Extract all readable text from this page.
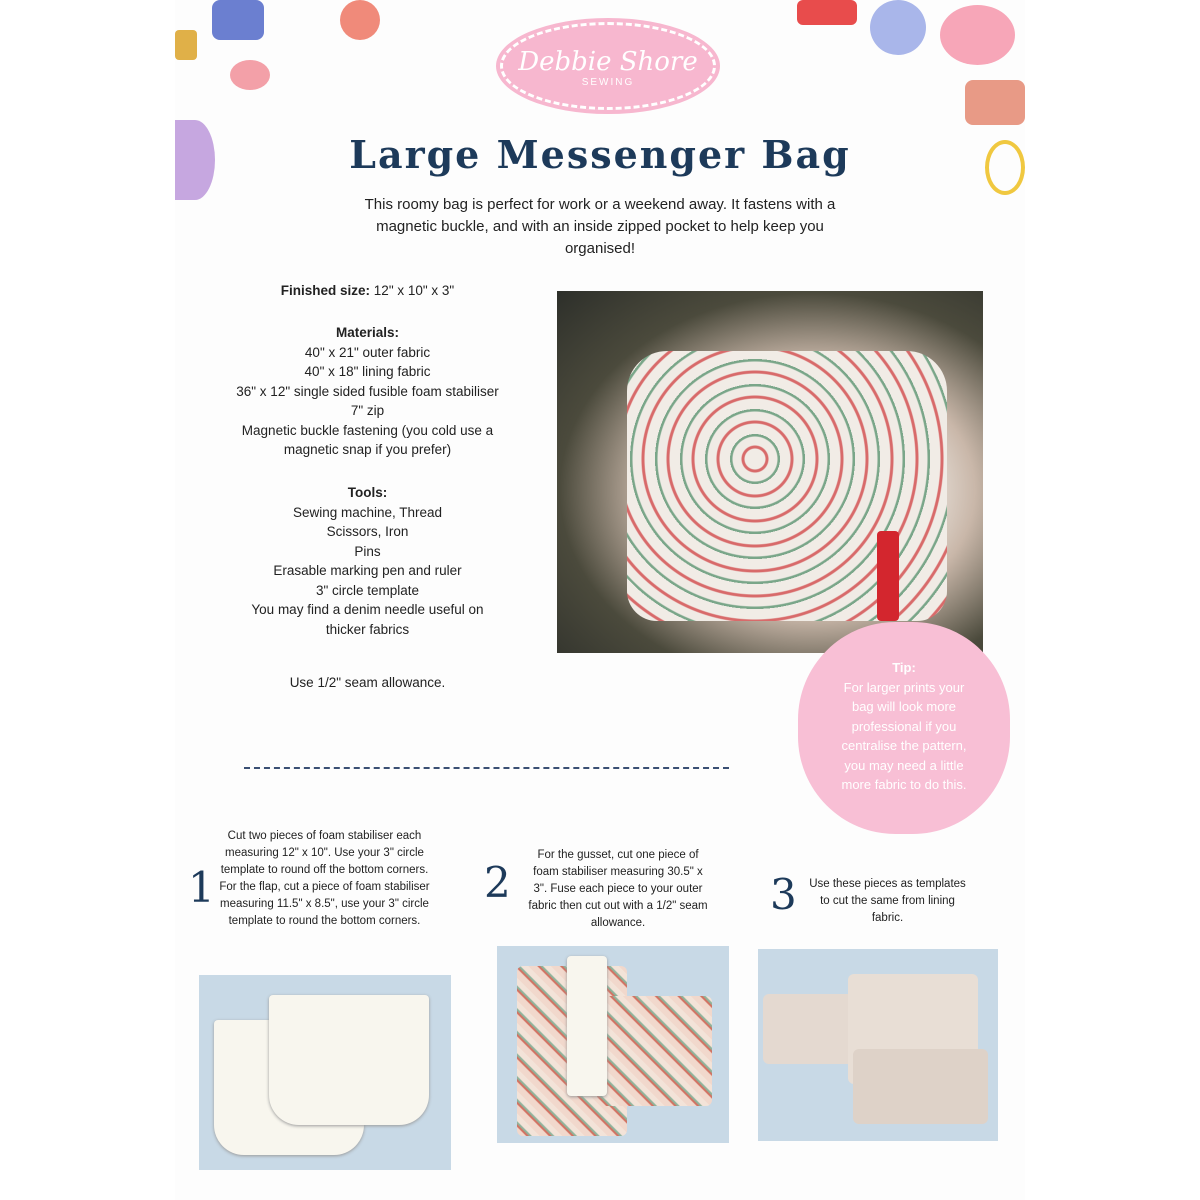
Debbie Shore
SEWING
Large Messenger Bag

This roomy bag is perfect for work or a weekend away. It fastens with a magnetic buckle, and with an inside zipped pocket to help keep you organised!

Finished size: 12" x 10" x 3"
Materials:
40" x 21" outer fabric
40" x 18" lining fabric
36" x 12" single sided fusible foam stabiliser
7" zip
Magnetic buckle fastening (you cold use a magnetic snap if you prefer)
Tools:
Sewing machine, Thread
Scissors, Iron
Pins
Erasable marking pen and ruler
3" circle template
You may find a denim needle useful on thicker fabrics
Use 1/2" seam allowance.
Tip:
For larger prints your bag will look more professional if you centralise the pattern, you may need a little more fabric to do this.
1
Cut two pieces of foam stabiliser each measuring 12" x 10". Use your 3" circle template to round off the bottom corners.
For the flap, cut a piece of foam stabiliser measuring 11.5" x 8.5", use your 3" circle template to round the bottom corners.
2
For the gusset, cut one piece of foam stabiliser measuring 30.5" x 3". Fuse each piece to your outer fabric then cut out with a 1/2" seam allowance.
3	Use these pieces as templates to cut the same from lining fabric.
